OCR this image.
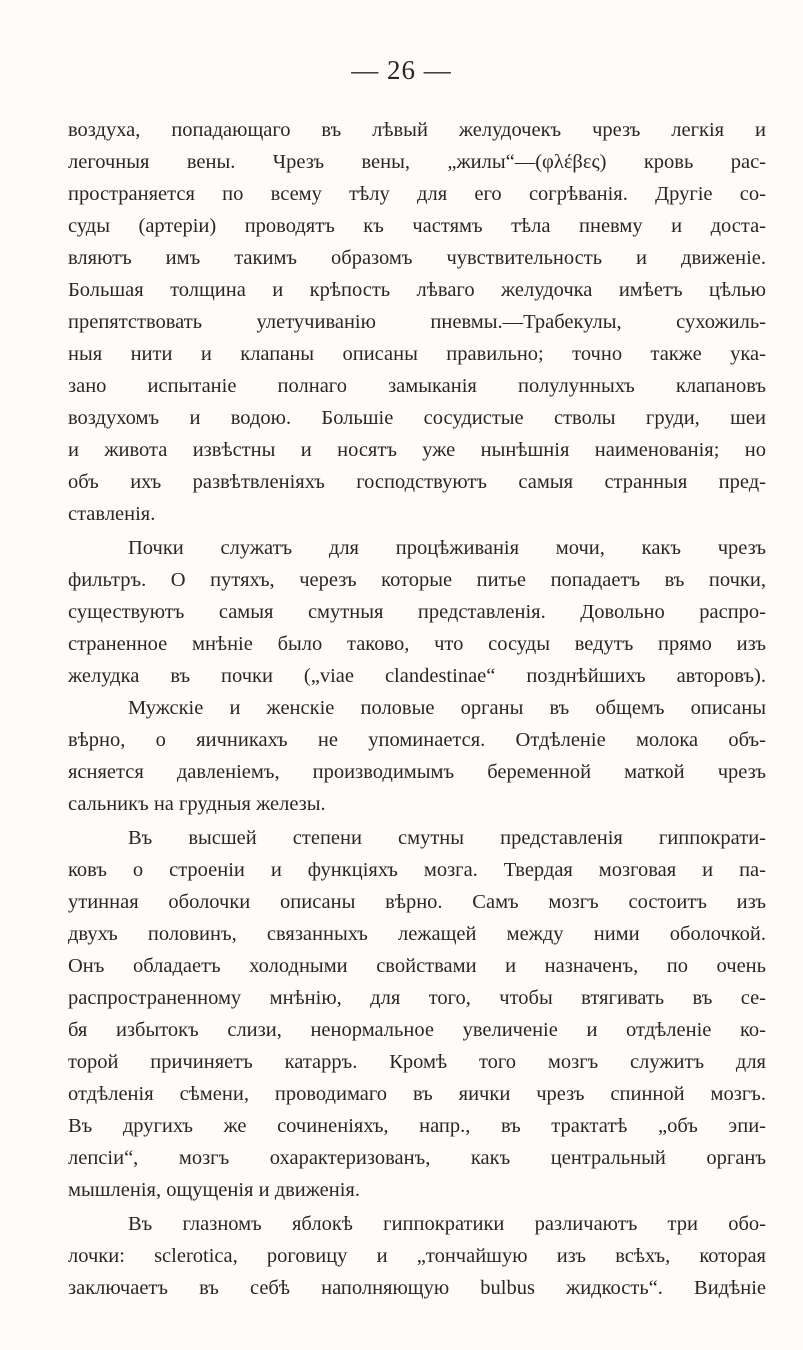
— 26 —
воздуха, попадающаго въ лѣвый желудочекъ чрезъ легкія и
легочныя вены. Чрезъ вены, „жилы“—(φλέβες) кровь рас-
пространяется по всему тѣлу для его согрѣванія. Другіе со-
суды (артеріи) проводятъ къ частямъ тѣла пневму и доста-
вляютъ имъ такимъ образомъ чувствительность и движеніе.
Большая толщина и крѣпость лѣваго желудочка имѣетъ цѣлью
препятствовать улетучиванію пневмы.—Трабекулы, сухожиль-
ныя нити и клапаны описаны правильно; точно также ука-
зано испытаніе полнаго замыканія полулунныхъ клапановъ
воздухомъ и водою. Большіе сосудистые стволы груди, шеи
и живота извѣстны и носятъ уже нынѣшнія наименованія; но
объ ихъ развѣтвленіяхъ господствуютъ самыя странныя пред-
ставленія.
Почки служатъ для процѣживанія мочи, какъ чрезъ
фильтръ. О путяхъ, черезъ которые питье попадаетъ въ почки,
существуютъ самыя смутныя представленія. Довольно распро-
страненное мнѣніе было таково, что сосуды ведутъ прямо изъ
желудка въ почки („viae clandestinae“ позднѣйшихъ авторовъ).
Мужскіе и женскіе половые органы въ общемъ описаны
вѣрно, о яичникахъ не упоминается. Отдѣленіе молока объ-
ясняется давленіемъ, производимымъ беременной маткой чрезъ
сальникъ на грудныя железы.
Въ высшей степени смутны представленія гиппократи-
ковъ о строеніи и функціяхъ мозга. Твердая мозговая и па-
утинная оболочки описаны вѣрно. Самъ мозгъ состоитъ изъ
двухъ половинъ, связанныхъ лежащей между ними оболочкой.
Онъ обладаетъ холодными свойствами и назначенъ, по очень
распространенному мнѣнію, для того, чтобы втягивать въ се-
бя избытокъ слизи, ненормальное увеличеніе и отдѣленіе ко-
торой причиняетъ катарръ. Кромѣ того мозгъ служитъ для
отдѣленія сѣмени, проводимаго въ яички чрезъ спинной мозгъ.
Въ другихъ же сочиненіяхъ, напр., въ трактатѣ „объ эпи-
лепсіи“, мозгъ охарактеризованъ, какъ центральный органъ
мышленія, ощущенія и движенія.
Въ глазномъ яблокѣ гиппократики различаютъ три обо-
лочки: sclerotica, роговицу и „тончайшую изъ всѣхъ, которая
заключаетъ въ себѣ наполняющую bulbus жидкость“. Видѣніе
